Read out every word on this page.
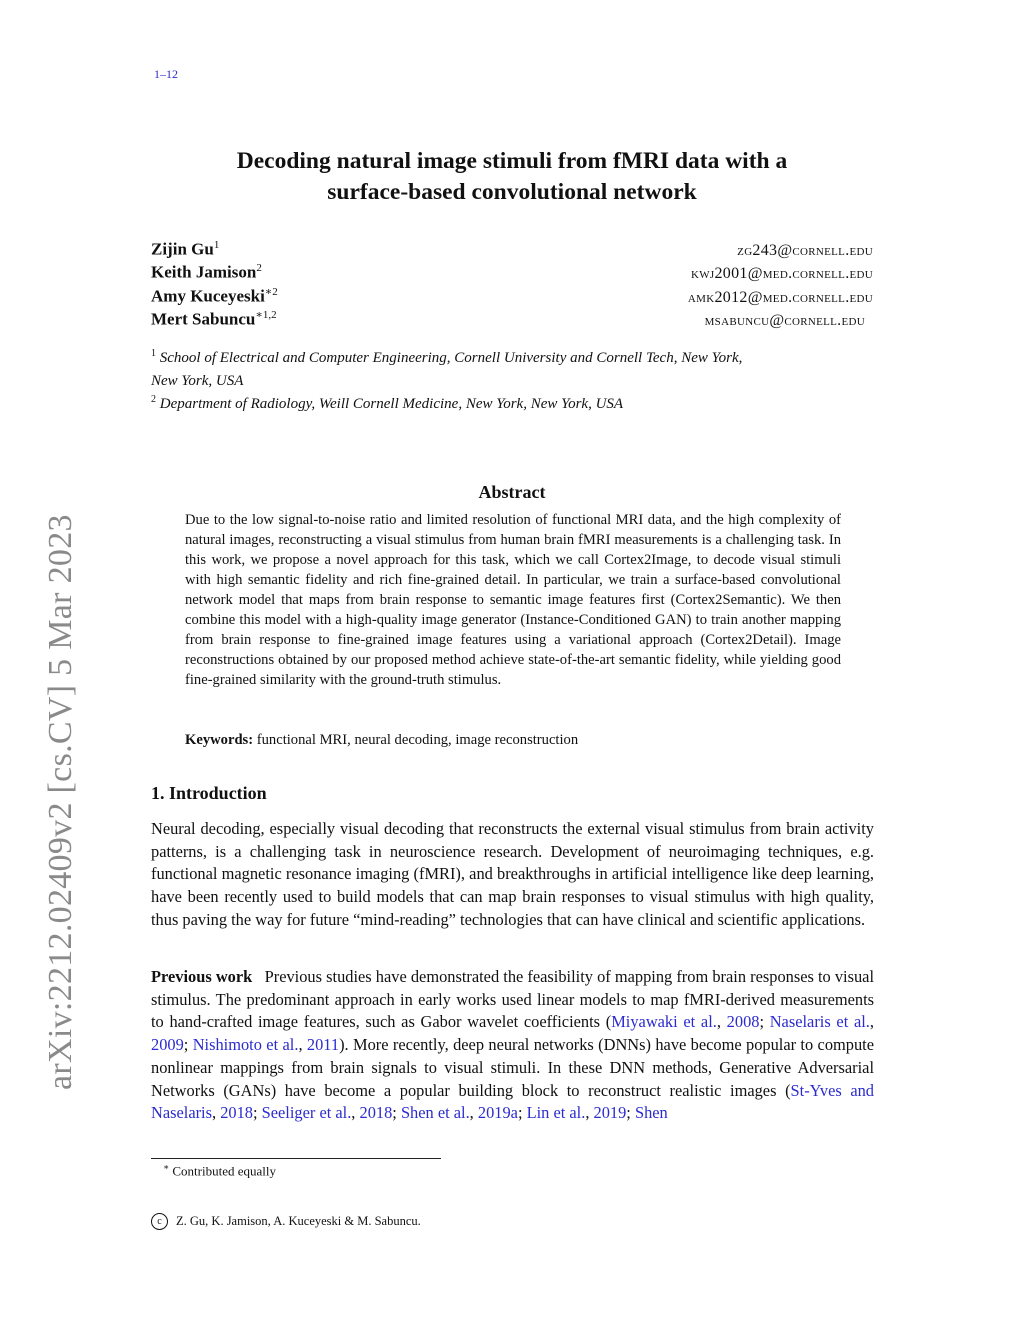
1–12
arXiv:2212.02409v2 [cs.CV] 5 Mar 2023
Decoding natural image stimuli from fMRI data with a
surface-based convolutional network
Zijin Gu$^1$	zg243@cornell.edu
Keith Jamison$^2$	kwj2001@med.cornell.edu
Amy Kuceyeski$^{∗2}$	amk2012@med.cornell.edu
Mert Sabuncu$^{∗1,2}$	msabuncu@cornell.edu
$^1$ School of Electrical and Computer Engineering, Cornell University and Cornell Tech, New York,
New York, USA
$^2$ Department of Radiology, Weill Cornell Medicine, New York, New York, USA
Abstract
Due to the low signal-to-noise ratio and limited resolution of functional MRI data, and the high complexity of natural images, reconstructing a visual stimulus from human brain fMRI measurements is a challenging task. In this work, we propose a novel approach for this task, which we call Cortex2Image, to decode visual stimuli with high semantic fidelity and rich fine-grained detail. In particular, we train a surface-based convolutional network model that maps from brain response to semantic image features first (Cortex2Semantic). We then combine this model with a high-quality image generator (Instance-Conditioned GAN) to train another mapping from brain response to fine-grained image features using a variational approach (Cortex2Detail). Image reconstructions obtained by our proposed method achieve state-of-the-art semantic fidelity, while yielding good fine-grained similarity with the ground-truth stimulus.
Keywords: functional MRI, neural decoding, image reconstruction
1. Introduction
Neural decoding, especially visual decoding that reconstructs the external visual stimulus from brain activity patterns, is a challenging task in neuroscience research. Development of neuroimaging techniques, e.g. functional magnetic resonance imaging (fMRI), and breakthroughs in artificial intelligence like deep learning, have been recently used to build models that can map brain responses to visual stimulus with high quality, thus paving the way for future “mind-reading” technologies that can have clinical and scientific applications.
Previous work Previous studies have demonstrated the feasibility of mapping from brain responses to visual stimulus. The predominant approach in early works used linear models to map fMRI-derived measurements to hand-crafted image features, such as Gabor wavelet coefficients (Miyawaki et al., 2008; Naselaris et al., 2009; Nishimoto et al., 2011). More recently, deep neural networks (DNNs) have become popular to compute nonlinear mappings from brain signals to visual stimuli. In these DNN methods, Generative Adversarial Networks (GANs) have become a popular building block to reconstruct realistic images (St-Yves and Naselaris, 2018; Seeliger et al., 2018; Shen et al., 2019a; Lin et al., 2019; Shen
∗ Contributed equally
c	Z. Gu, K. Jamison, A. Kuceyeski & M. Sabuncu.
